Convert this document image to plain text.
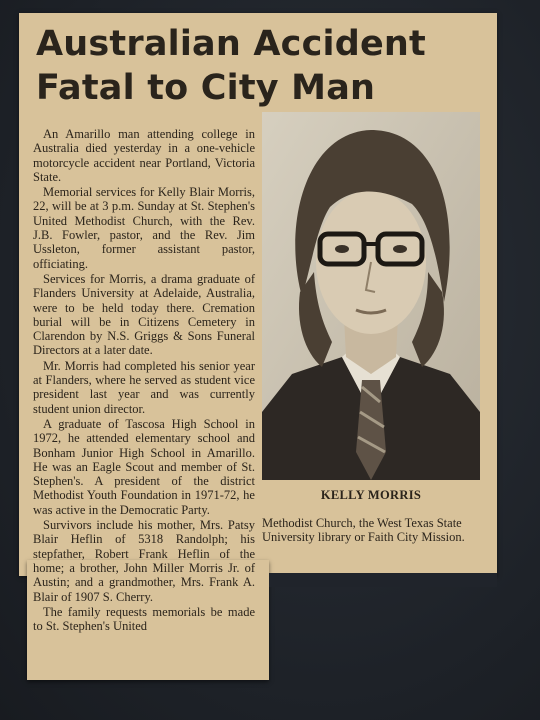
Australian Accident
Fatal to City Man

An Amarillo man attending college in Australia died yesterday in a one-vehicle motorcycle accident near Portland, Victoria State.

Memorial services for Kelly Blair Morris, 22, will be at 3 p.m. Sunday at St. Stephen's United Methodist Church, with the Rev. J.B. Fowler, pastor, and the Rev. Jim Ussleton, former assistant pastor, officiating.

Services for Morris, a drama graduate of Flanders University at Adelaide, Australia, were to be held today there. Cremation burial will be in Citizens Cemetery in Clarendon by N.S. Griggs & Sons Funeral Directors at a later date.

Mr. Morris had completed his senior year at Flanders, where he served as student vice president last year and was currently student union director.

A graduate of Tascosa High School in 1972, he attended elementary school and Bonham Junior High School in Amarillo. He was an Eagle Scout and member of St. Stephen's. A president of the district Methodist Youth Foundation in 1971-72, he was active in the Democratic Party.

Survivors include his mother, Mrs. Patsy Blair Heflin of 5318 Randolph; his stepfather, Robert Frank Heflin of the home; a brother, John Miller Morris Jr. of Austin; and a grandmother, Mrs. Frank A. Blair of 1907 S. Cherry.

The family requests memorials be made to St. Stephen's United

KELLY MORRIS
Methodist Church, the West Texas State University library or Faith City Mission.
